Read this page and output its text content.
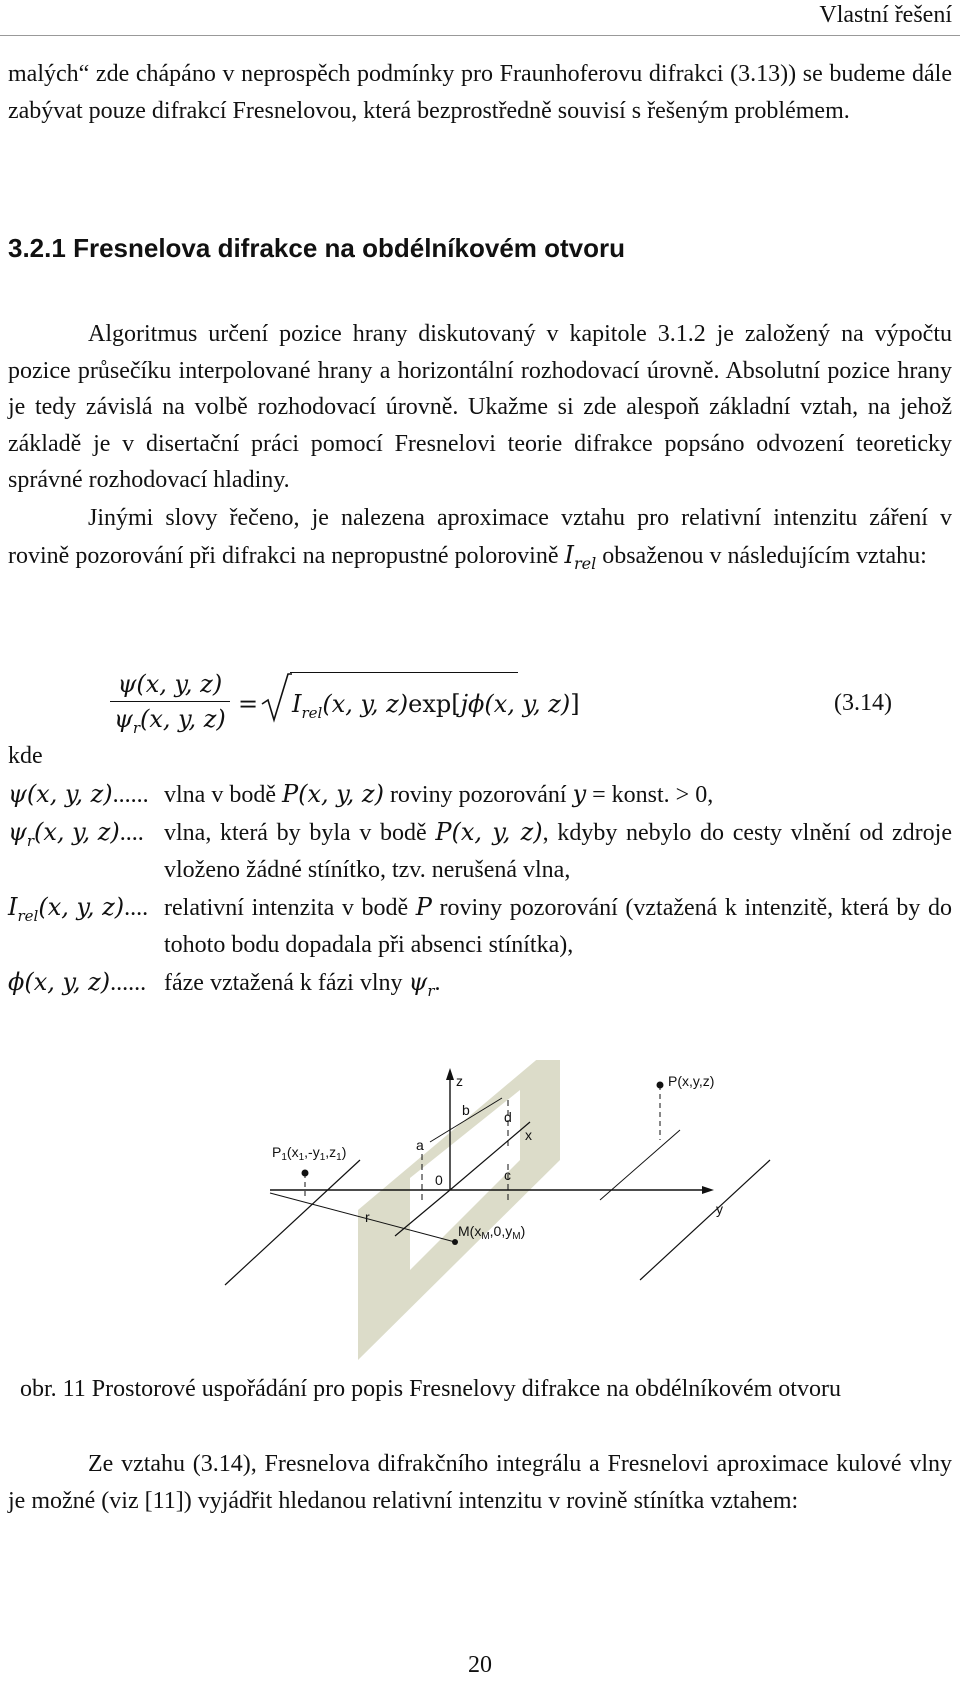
Vlastní řešení

malých“ zde chápáno v neprospěch podmínky pro Fraunhoferovu difrakci (3.13)) se budeme dále zabývat pouze difrakcí Fresnelovou, která bezprostředně souvisí s řešeným problémem.

3.2.1 Fresnelova difrakce na obdélníkovém otvoru

Algoritmus určení pozice hrany diskutovaný v kapitole 3.1.2 je založený na výpočtu pozice průsečíku interpolované hrany a horizontální rozhodovací úrovně. Absolutní pozice hrany je tedy závislá na volbě rozhodovací úrovně. Ukažme si zde alespoň základní vztah, na jehož základě je v disertační práci pomocí Fresnelovi teorie difrakce popsáno odvození teoreticky správné rozhodovací hladiny.

Jinými slovy řečeno, je nalezena aproximace vztahu pro relativní intenzitu záření v rovině pozorování při difrakci na nepropustné polorovině $I_{rel}$ obsaženou v následujícím vztahu:

ψ(x, y, z)
$\psi_r(x$, y, z)
= $I_{rel}(x$, y, z)exp[jϕ(x, y, z)]	(3.14)
kde
ψ(x, y, z)...... vlna v bodě P(x, y, z) roviny pozorování y = konst. > 0,
$\psi_r(x$, y, z).... vlna, která by byla v bodě P(x, y, z), kdyby nebylo do cesty vlnění od zdroje vloženo žádné stínítko, tzv. nerušená vlna,
$I_{rel}(x$, y, z).... relativní intenzita v bodě P roviny pozorování (vztažená k intenzitě, která by do tohoto bodu dopadala při absenci stínítka),
ϕ(x, y, z)...... fáze vztažená k fázi vlny $\psi_r$.
$P_1(x_1,-y_1,z_1)$
P(x,y,z)
z
x
y
a
b
c
d
0
r
$M(x_M,0,y_M)$
obr. 11 Prostorové uspořádání pro popis Fresnelovy difrakce na obdélníkovém otvoru

Ze vztahu (3.14), Fresnelova difrakčního integrálu a Fresnelovi aproximace kulové vlny je možné (viz [11]) vyjádřit hledanou relativní intenzitu v rovině stínítka vztahem:

20
